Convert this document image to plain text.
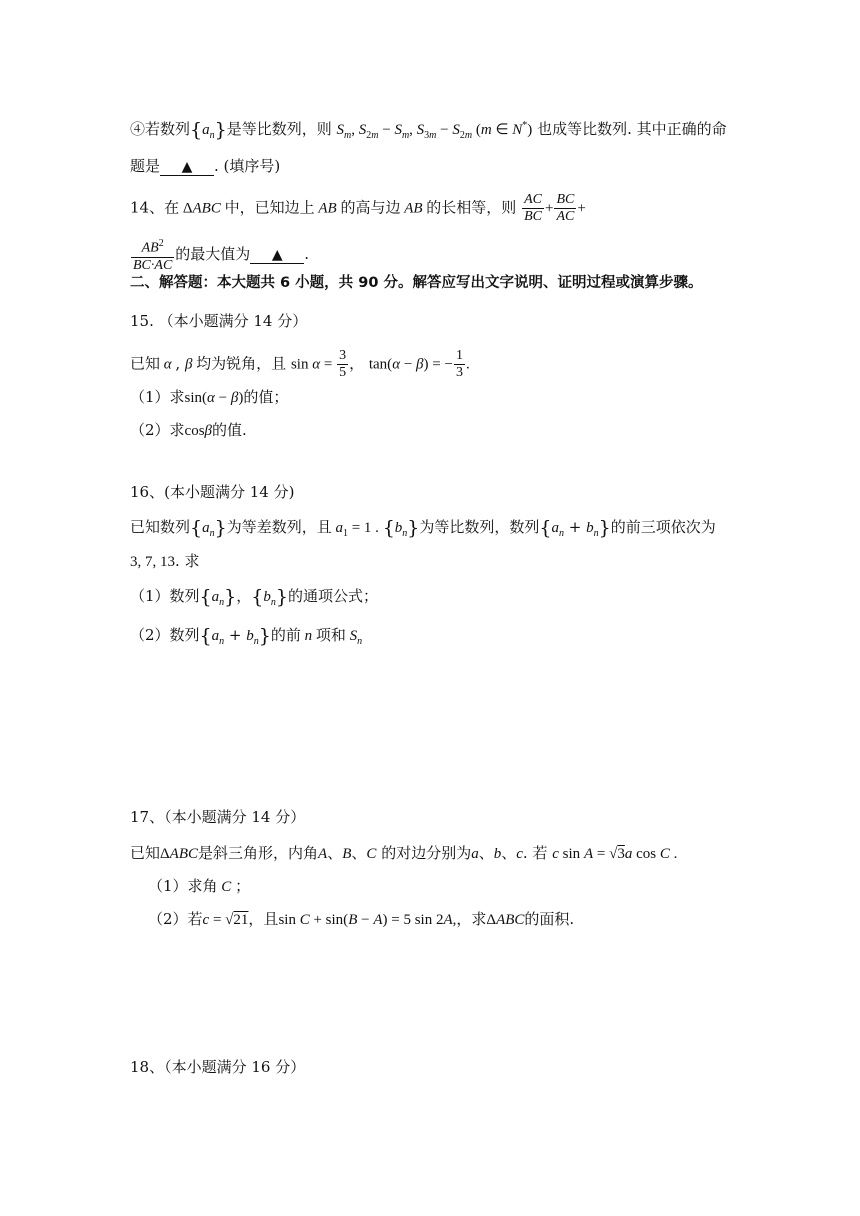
④若数列$\{a_n\}$是等比数列，则 $S_m$, $S_{2m} - S_m$, $S_{3m} - S_{2m}$ (m ∈ N*) 也成等比数列. 其中正确的命
题是 ▲ . (填序号)
14、在 ΔABC 中，已知边上 AB 的高与边 AB 的长相等，则 $\frac{AC}{BC} + \frac{BC}{AC}$ +
$\frac{AB^2}{BC\cdot AC}$ 的最大值为 ▲ .
二、解答题：本大题共 6 小题，共 90 分。解答应写出文字说明、证明过程或演算步骤。
15. （本小题满分 14 分）
已知 α , β 均为锐角，且 $\sin \alpha = \frac{3}{5}$ ， tan(α − β) = − $\frac{1}{3}$ .
（1）求sin(α − β)的值；
（2）求cosβ的值.
16、(本小题满分 14 分)
已知数列$\{a_n\}$为等差数列，且 $a_1 = 1$ . $\{b_n\}$为等比数列，数列$\{a_n + b_n\}$的前三项依次为
3, 7, 13. 求
（1）数列$\{a_n\}$，$\{b_n\}$的通项公式；
（2）数列$\{a_n + b_n\}$的前 n 项和 $S_n$
17、（本小题满分 14 分）
已知ΔABC是斜三角形，内角A、B、C 的对边分别为a、b、c. 若 c sin A = √3a cos C .
（1）求角 C ；
（2）若c = √21，且sin C + sin(B − A) = 5 sin 2A,，求ΔABC的面积.
18、（本小题满分 16 分）
